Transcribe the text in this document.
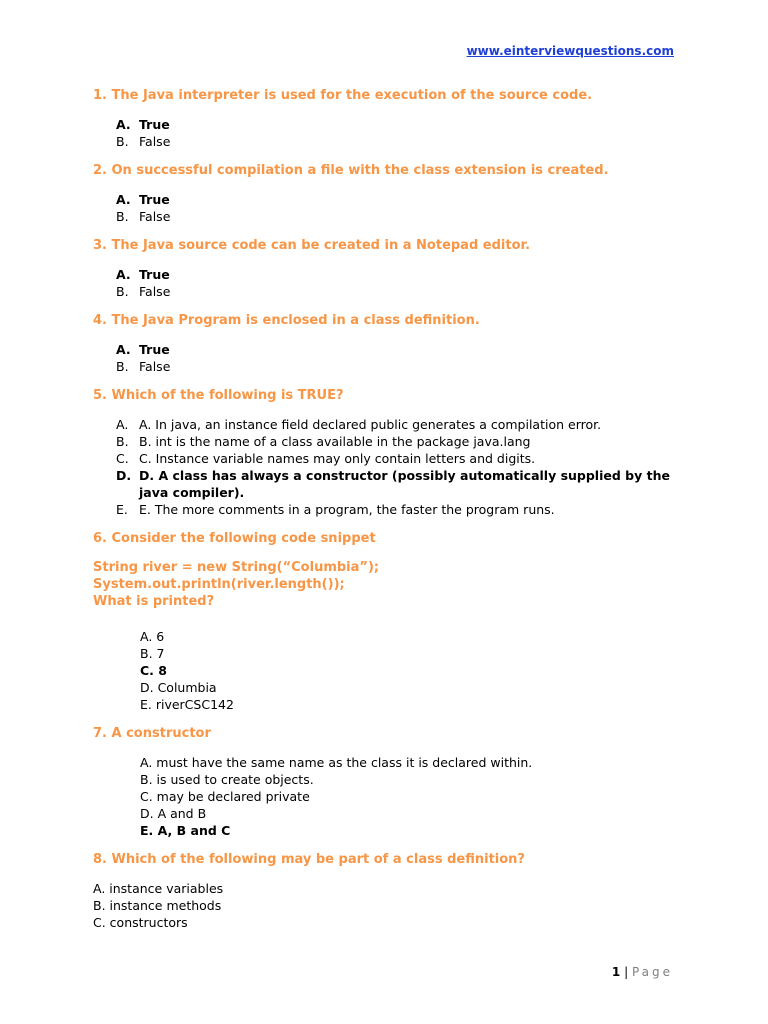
www.einterviewquestions.com

1. The Java interpreter is used for the execution of the source code.

A. True
B. False

2. On successful compilation a file with the class extension is created.

A. True
B. False

3. The Java source code can be created in a Notepad editor.

A. True
B. False

4. The Java Program is enclosed in a class definition.

A. True
B. False

5. Which of the following is TRUE?

A. A. In java, an instance field declared public generates a compilation error.
B. B. int is the name of a class available in the package java.lang
C. C. Instance variable names may only contain letters and digits.
D. D. A class has always a constructor (possibly automatically supplied by the java compiler).
E. E. The more comments in a program, the faster the program runs.

6. Consider the following code snippet

String river = new String(“Columbia”);
System.out.println(river.length());
What is printed?
A. 6
B. 7
C. 8
D. Columbia
E. riverCSC142

7. A constructor

A. must have the same name as the class it is declared within.
B. is used to create objects.
C. may be declared private
D. A and B
E. A, B and C

8. Which of the following may be part of a class definition?

A. instance variables
B. instance methods
C. constructors
1 | Page
